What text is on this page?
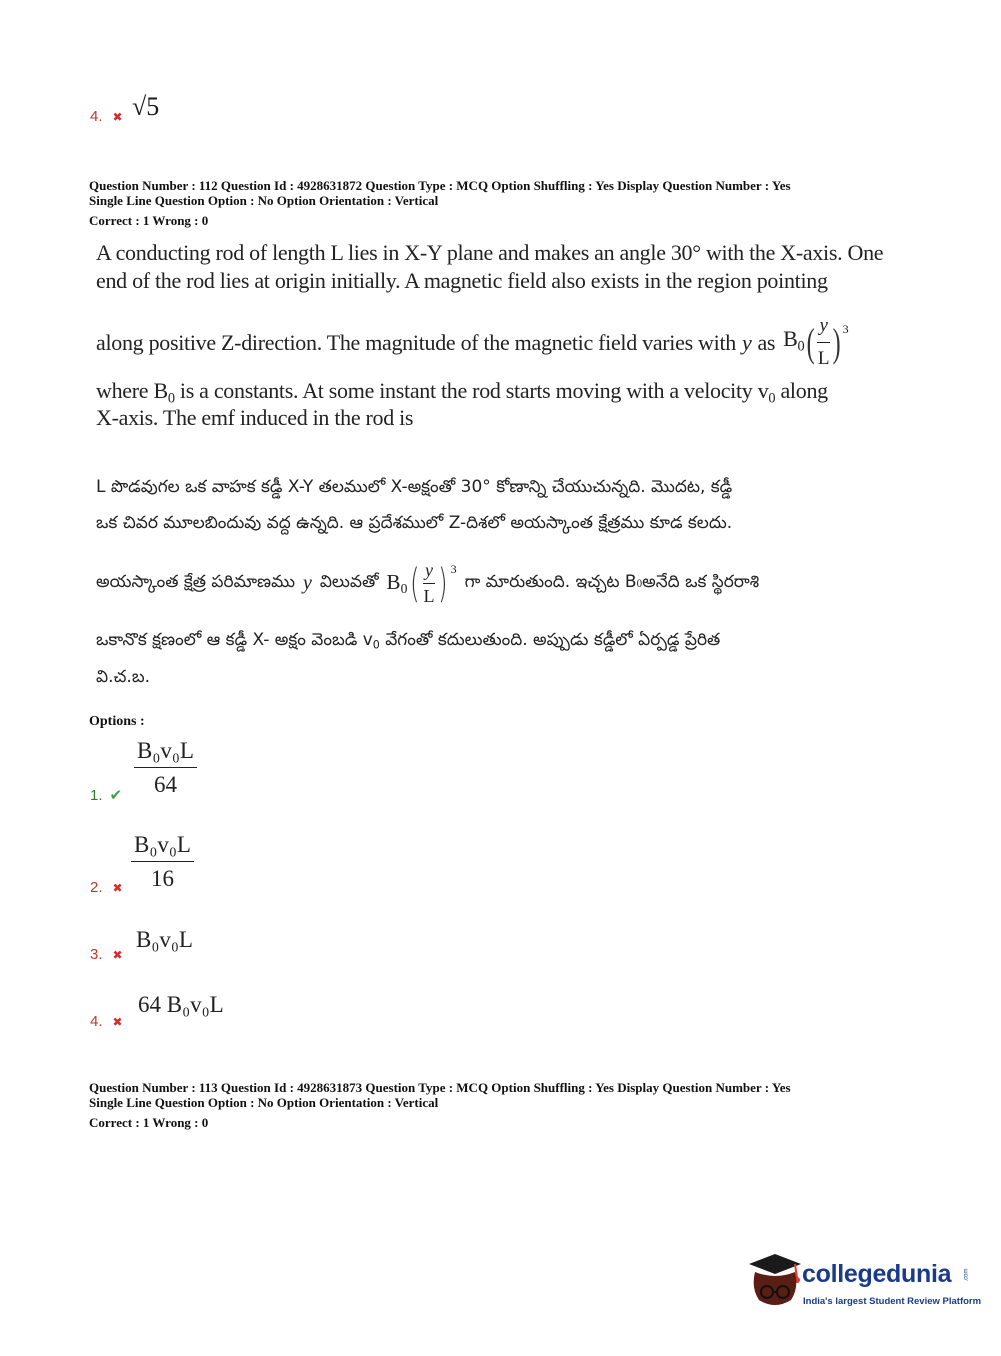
4. ✖ √5
Question Number : 112 Question Id : 4928631872 Question Type : MCQ Option Shuffling : Yes Display Question Number : Yes
Single Line Question Option : No Option Orientation : Vertical
Correct : 1 Wrong : 0
A conducting rod of length L lies in X-Y plane and makes an angle 30° with the X-axis. One
end of the rod lies at origin initially. A magnetic field also exists in the region pointing
along positive Z-direction. The magnitude of the magnetic field varies with y as $B_0$ ( $\frac{y}{L}$ ) 3
where $B_0$ is a constants. At some instant the rod starts moving with a velocity $v_0$ along
X-axis. The emf induced in the rod is
L పొడవుగల ఒక వాహక కడ్డీ X-Y తలములో X-అక్షంతో 30° కోణాన్ని చేయుచున్నది. మొదట, కడ్డీ
ఒక చివర మూలబిందువు వద్ద ఉన్నది. ఆ ప్రదేశములో Z-దిశలో అయస్కాంత క్షేత్రము కూడ కలదు.
అయస్కాంత క్షేత్ర పరిమాణము y విలువతో $B_0$ ( $\frac{y}{L}$ ) 3
గా మారుతుంది. ఇచ్చట B 0 అనేది ఒక స్థిరరాశి
ఒకానొక క్షణంలో ఆ కడ్డీ X- అక్షం వెంబడి $v_0$ వేగంతో కదులుతుంది. అప్పుడు కడ్డీలో ఏర్పడ్డ ప్రేరిత
వి.చ.బ.
Options :
1. ✔ $\frac{\text{B₀v₀L}}{64}$
2. ✖ $\frac{\text{B₀v₀L}}{16}$
3. ✖
B₀v₀L
4. ✖
64 B₀v₀L
Question Number : 113 Question Id : 4928631873 Question Type : MCQ Option Shuffling : Yes Display Question Number : Yes
Single Line Question Option : No Option Orientation : Vertical
Correct : 1 Wrong : 0
collegedunia .com
India's largest Student Review Platform
